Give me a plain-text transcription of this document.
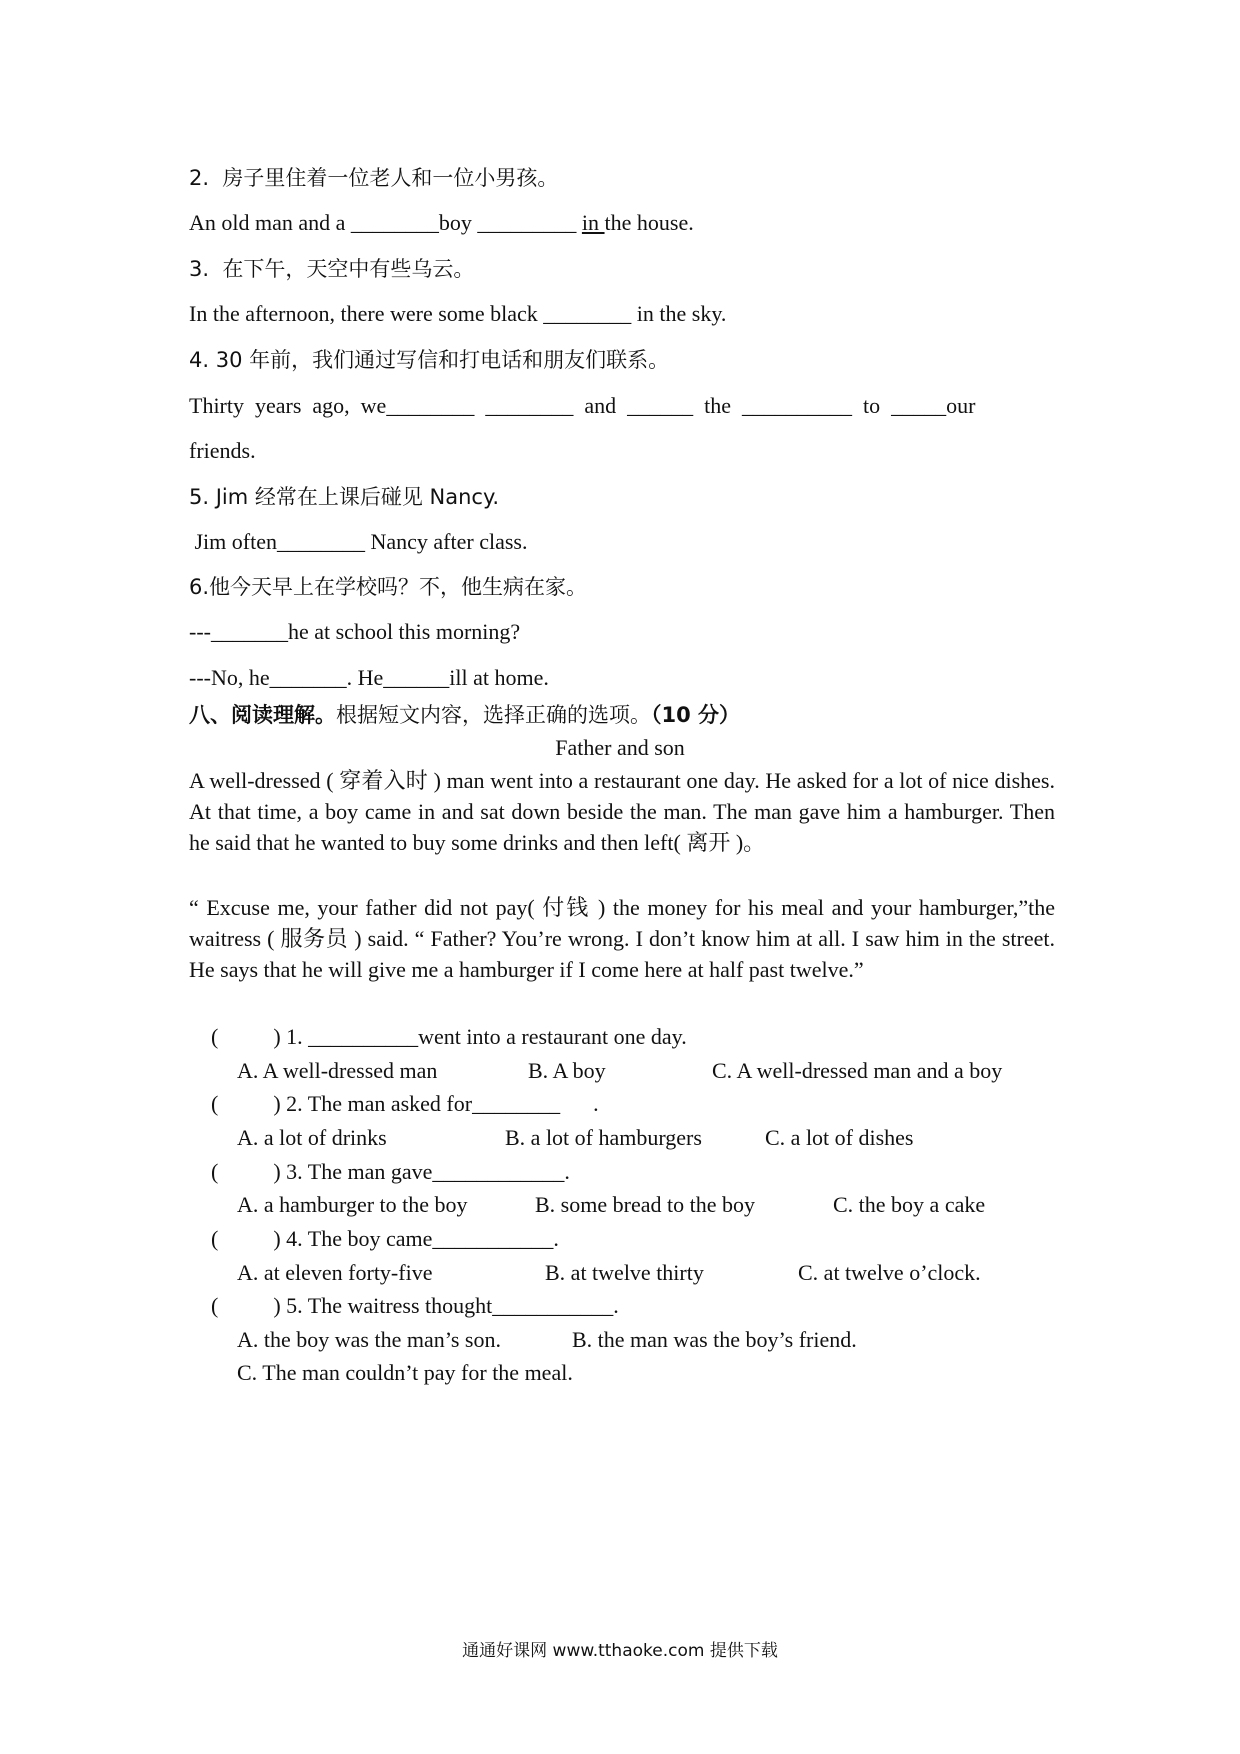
2.  房子里住着一位老人和一位小男孩。
An old man and a ________boy _________ in the house.
3.  在下午，天空中有些乌云。
In the afternoon, there were some black ________ in the sky.
4. 30 年前，我们通过写信和打电话和朋友们联系。
Thirty  years  ago,  we________  ________  and  ______  the  __________  to  _____our
friends.
5. Jim 经常在上课后碰见 Nancy.
Jim often________ Nancy after class.
6.他今天早上在学校吗？不，他生病在家。
---_______he at school this morning?
---No, he_______. He______ill at home.
八、阅读理解。根据短文内容，选择正确的选项。（10 分）
Father and son
A well-dressed ( 穿着入时 ) man went into a restaurant one day. He asked for a lot of nice dishes. At that time, a boy came in and sat down beside the man. The man gave him a hamburger. Then he said that he wanted to buy some drinks and then left( 离开 )。
“ Excuse me, your father did not pay( 付钱 ) the money for his meal and your hamburger,”the waitress ( 服务员 ) said. “ Father? You’re wrong. I don’t know him at all. I saw him in the street. He says that he will give me a hamburger if I come here at half past twelve.”
(          ) 1. __________went into a restaurant one day.
A. A well-dressed man	B. A boy	C. A well-dressed man and a boy
(          ) 2. The man asked for________      .
A. a lot of drinks	B. a lot of hamburgers	C. a lot of dishes
(          ) 3. The man gave____________.
A. a hamburger to the boy	B. some bread to the boy	C. the boy a cake
(          ) 4. The boy came___________.
A. at eleven forty-five	B. at twelve thirty	C. at twelve o’clock.
(          ) 5. The waitress thought___________.
A. the boy was the man’s son.	B. the man was the boy’s friend.
C. The man couldn’t pay for the meal.
通通好课网 www.tthaoke.com 提供下载
